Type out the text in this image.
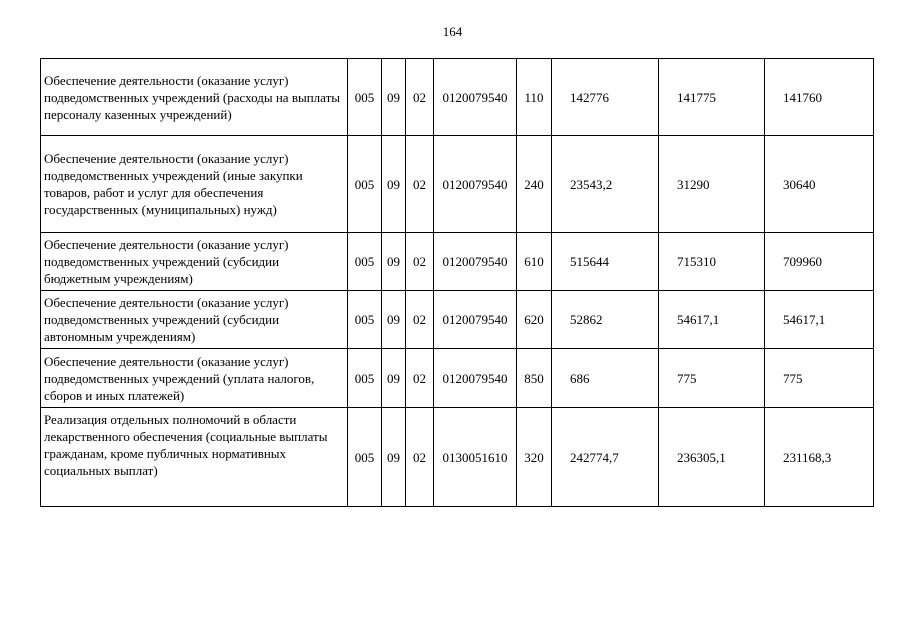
164
Обеспечение деятельности (оказание услуг) подведомственных учреждений (расходы на выплаты персоналу казенных учреждений)	005	09	02	0120079540	110	142776	141775	141760
Обеспечение деятельности (оказание услуг) подведомственных учреждений (иные закупки товаров, работ и услуг для обеспечения государственных (муниципальных) нужд)	005	09	02	0120079540	240	23543,2	31290	30640
Обеспечение деятельности (оказание услуг) подведомственных учреждений (субсидии бюджетным учреждениям)	005	09	02	0120079540	610	515644	715310	709960
Обеспечение деятельности (оказание услуг) подведомственных учреждений (субсидии автономным учреждениям)	005	09	02	0120079540	620	52862	54617,1	54617,1
Обеспечение деятельности (оказание услуг) подведомственных учреждений (уплата налогов, сборов и иных платежей)	005	09	02	0120079540	850	686	775	775
Реализация отдельных полномочий в области лекарственного обеспечения (социальные выплаты гражданам, кроме публичных нормативных социальных выплат)	005	09	02	0130051610	320	242774,7	236305,1	231168,3
